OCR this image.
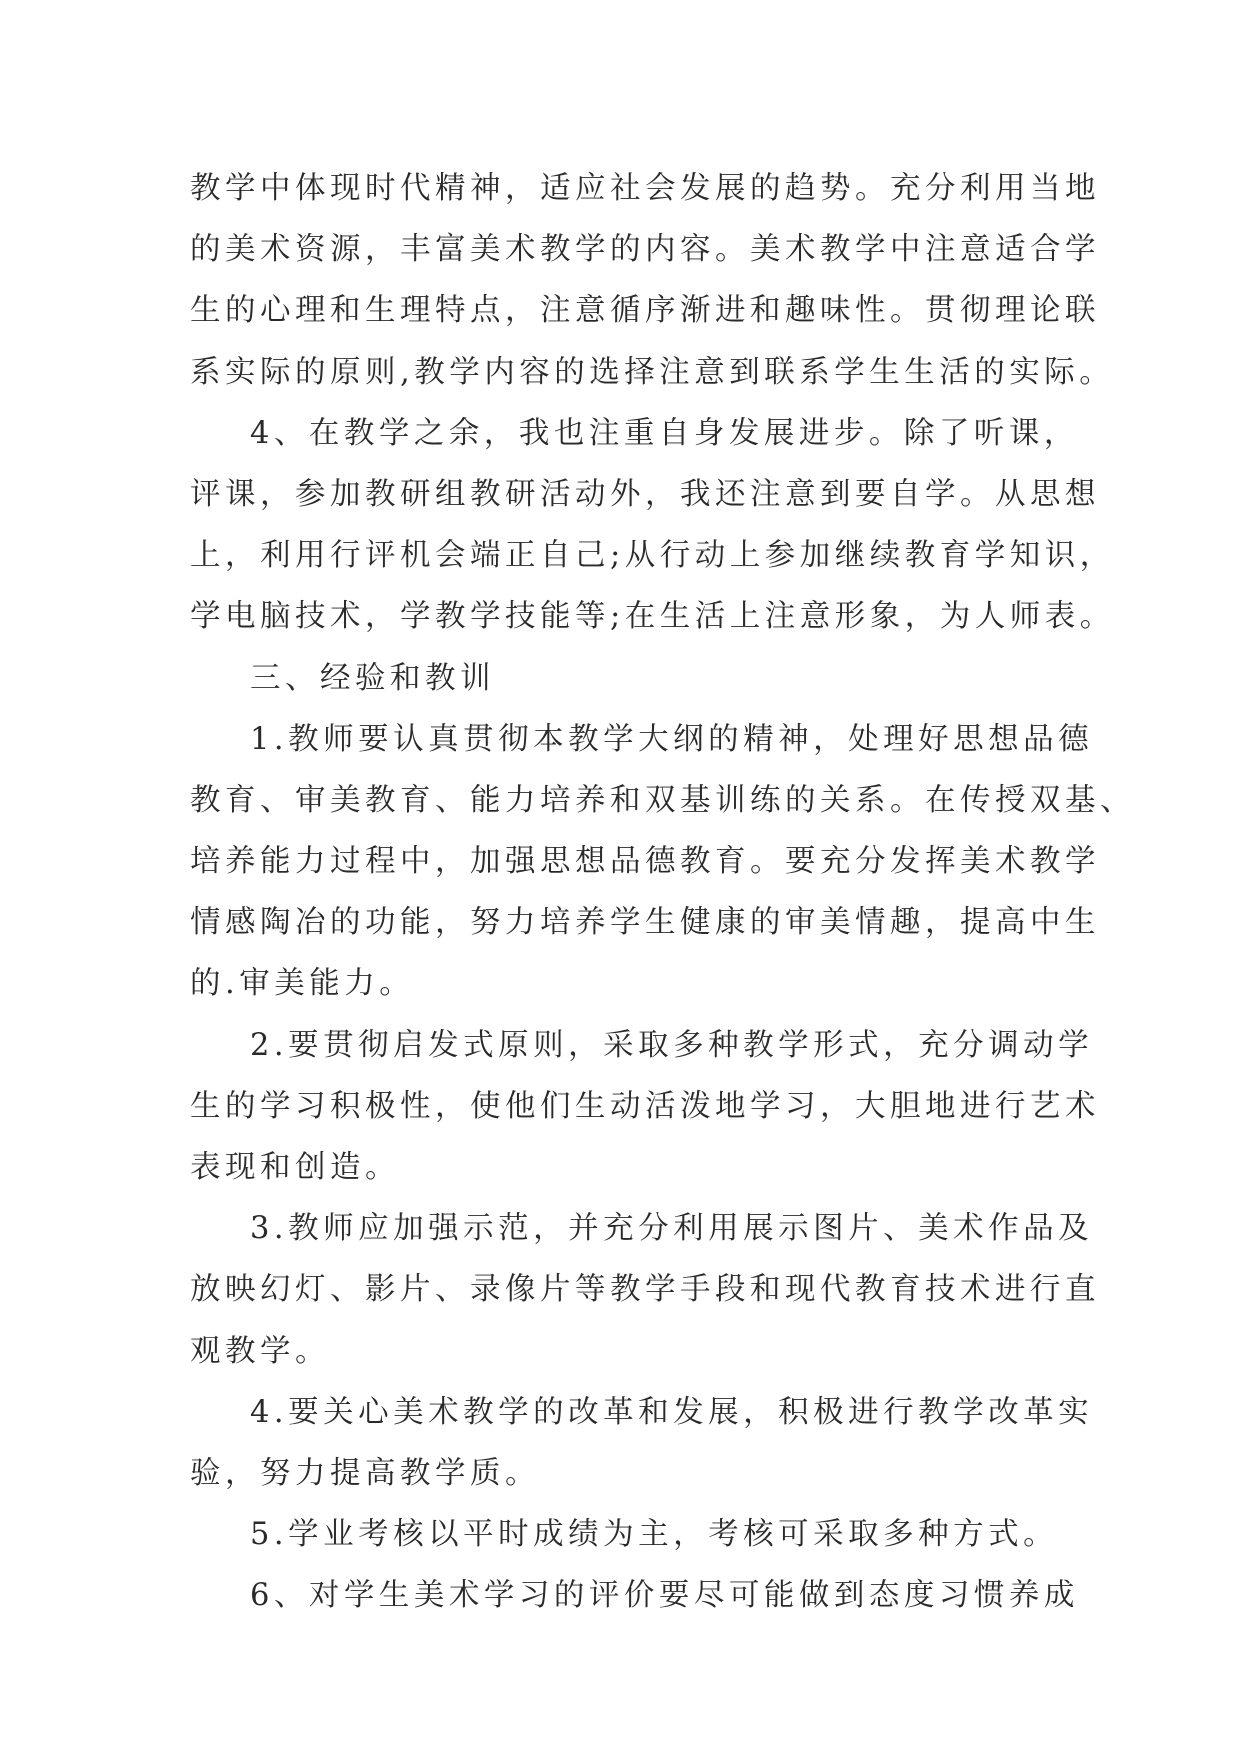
教学中体现时代精神，适应社会发展的趋势。充分利用当地
的美术资源，丰富美术教学的内容。美术教学中注意适合学
生的心理和生理特点，注意循序渐进和趣味性。贯彻理论联
系实际的原则,教学内容的选择注意到联系学生生活的实际。
4、在教学之余，我也注重自身发展进步。除了听课，
评课，参加教研组教研活动外，我还注意到要自学。从思想
上，利用行评机会端正自己;从行动上参加继续教育学知识，
学电脑技术，学教学技能等;在生活上注意形象，为人师表。
三、经验和教训
1.教师要认真贯彻本教学大纲的精神，处理好思想品德
教育、审美教育、能力培养和双基训练的关系。在传授双基、
培养能力过程中，加强思想品德教育。要充分发挥美术教学
情感陶冶的功能，努力培养学生健康的审美情趣，提高中生
的.审美能力。
2.要贯彻启发式原则，采取多种教学形式，充分调动学
生的学习积极性，使他们生动活泼地学习，大胆地进行艺术
表现和创造。
3.教师应加强示范，并充分利用展示图片、美术作品及
放映幻灯、影片、录像片等教学手段和现代教育技术进行直
观教学。
4.要关心美术教学的改革和发展，积极进行教学改革实
验，努力提高教学质。
5.学业考核以平时成绩为主，考核可采取多种方式。
6、对学生美术学习的评价要尽可能做到态度习惯养成
